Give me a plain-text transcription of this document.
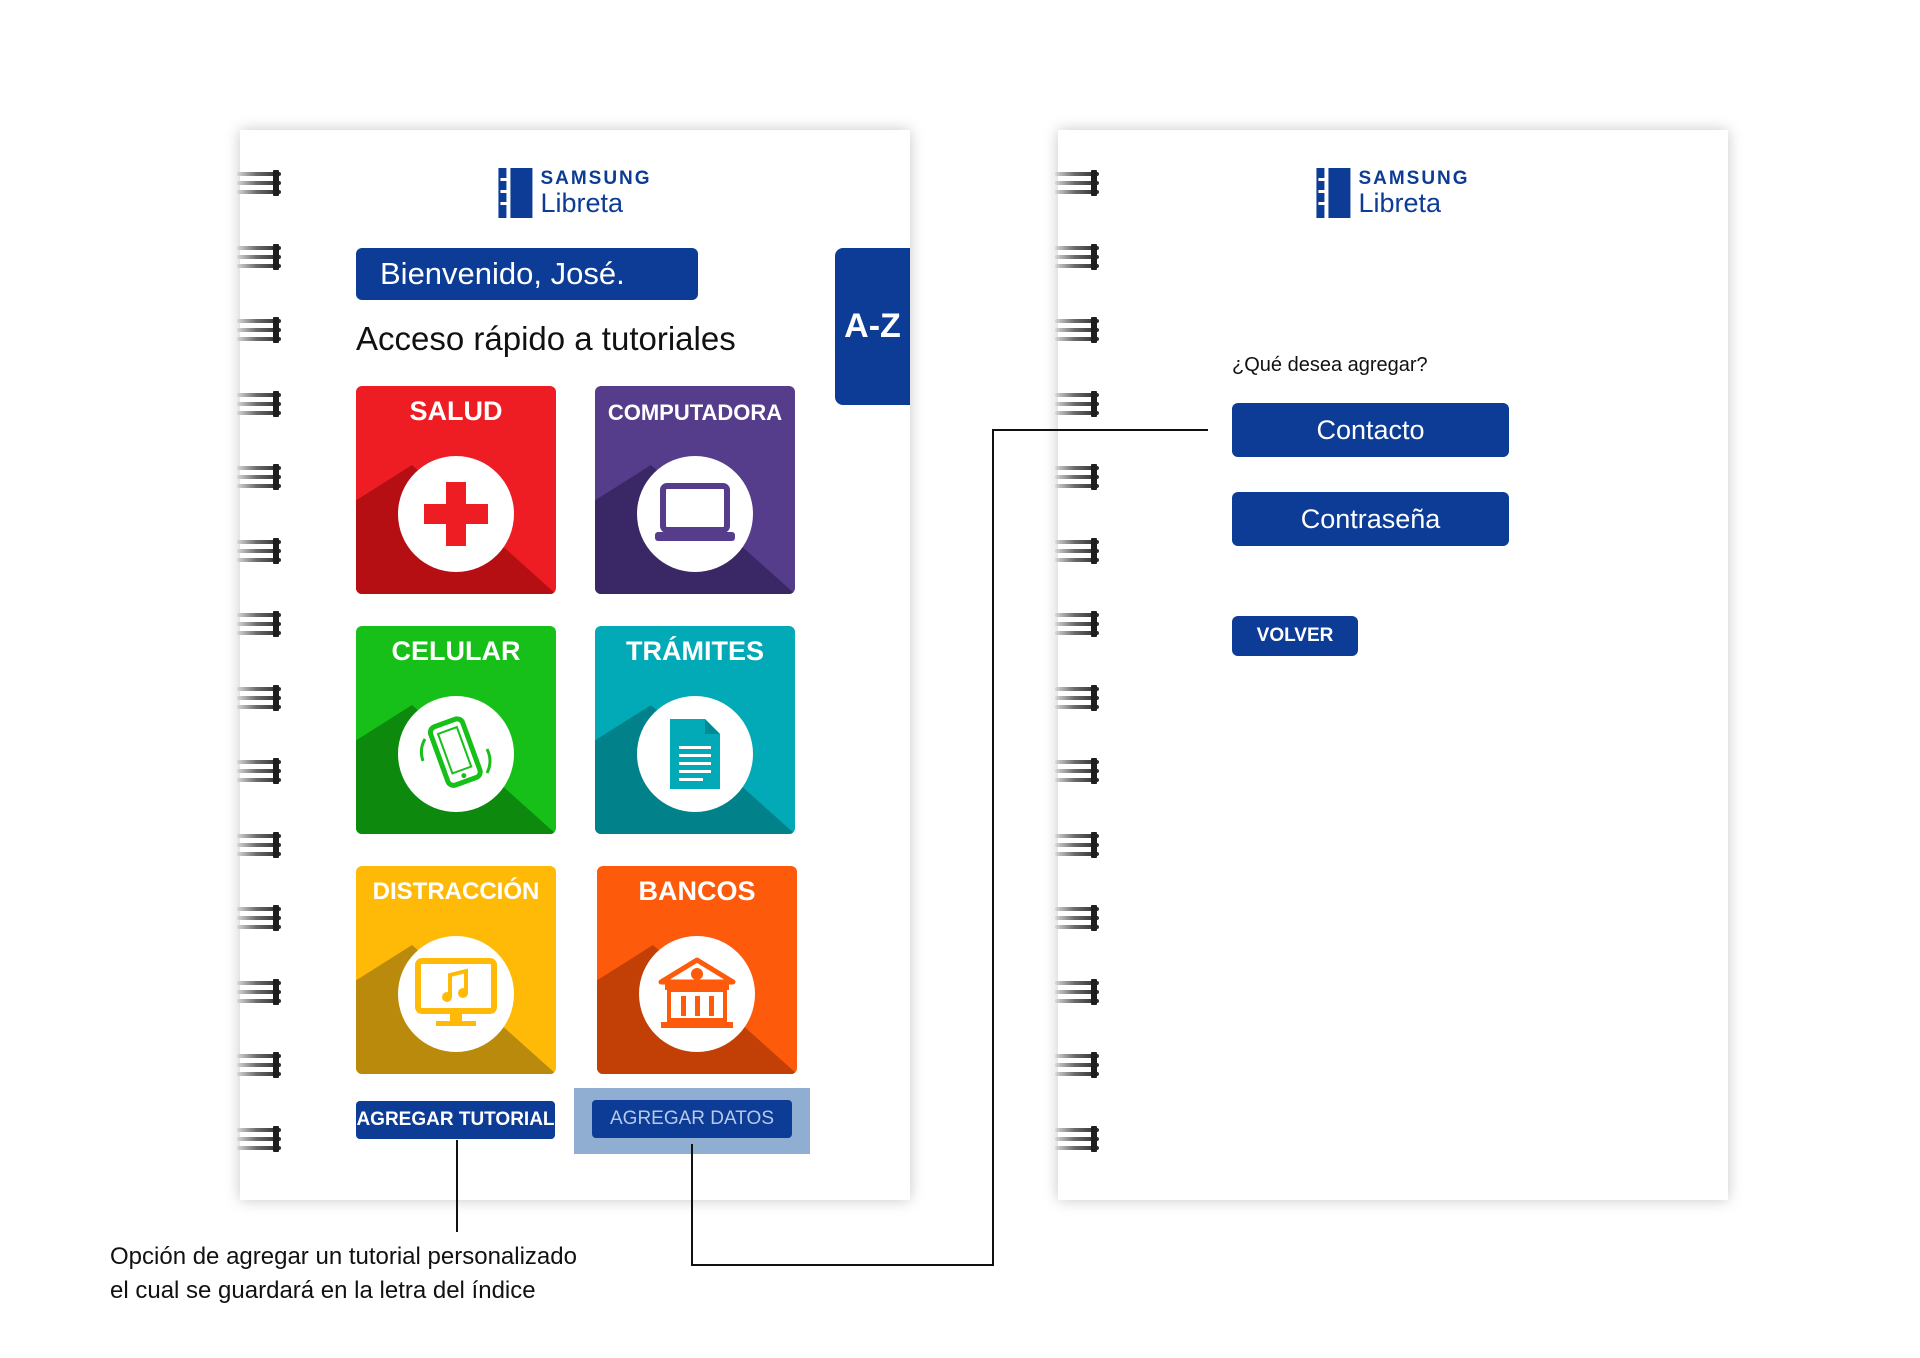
SAMSUNG
Libreta
Bienvenido, José.
Acceso rápido a tutoriales	A-Z
SALUD	COMPUTADORA
CELULAR	TRÁMITES
DISTRACCIÓN	BANCOS
AGREGAR TUTORIAL	AGREGAR DATOS
SAMSUNG
Libreta
¿Qué desea agregar?
Contacto
Contraseña
VOLVER
Opción de agregar un tutorial personalizado
el cual se guardará en la letra del índice
